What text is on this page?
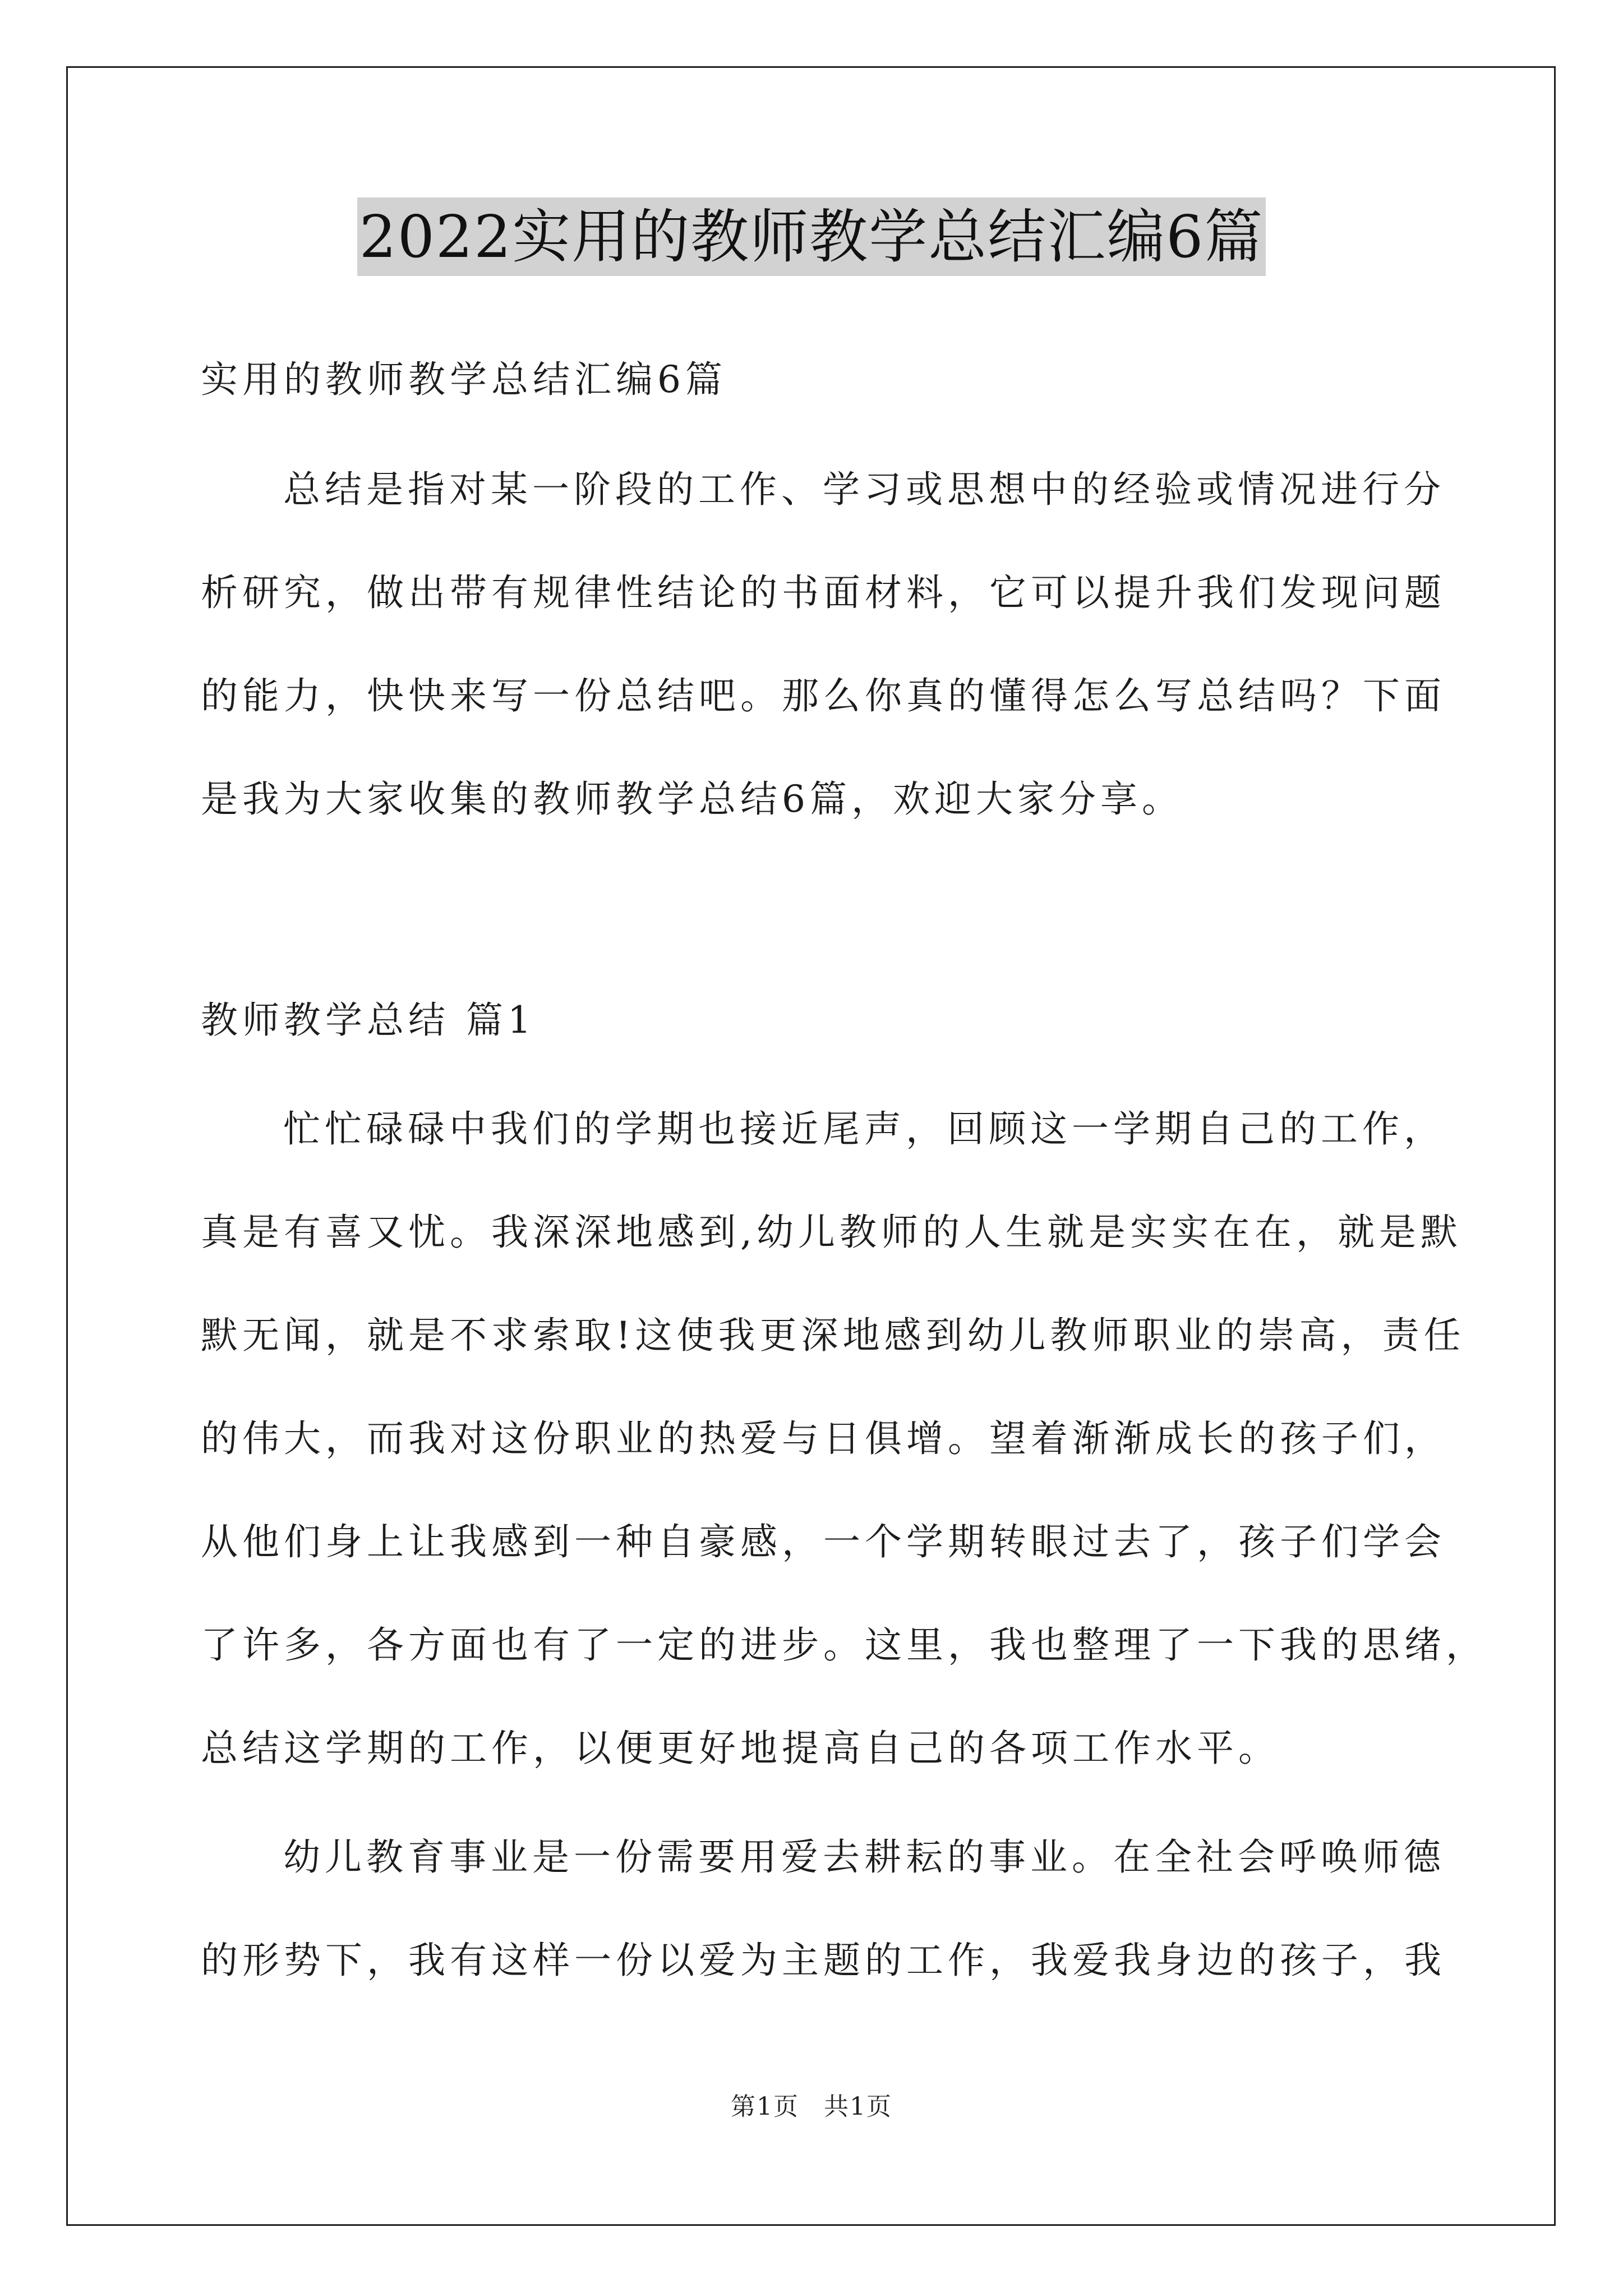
2022实用的教师教学总结汇编6篇
实用的教师教学总结汇编6篇
总结是指对某一阶段的工作、学习或思想中的经验或情况进行分
析研究，做出带有规律性结论的书面材料，它可以提升我们发现问题
的能力，快快来写一份总结吧。那么你真的懂得怎么写总结吗？下面
是我为大家收集的教师教学总结6篇，欢迎大家分享。
教师教学总结 篇1
忙忙碌碌中我们的学期也接近尾声，回顾这一学期自己的工作，
真是有喜又忧。我深深地感到,幼儿教师的人生就是实实在在，就是默
默无闻，就是不求索取!这使我更深地感到幼儿教师职业的崇高，责任
的伟大，而我对这份职业的热爱与日俱增。望着渐渐成长的孩子们，
从他们身上让我感到一种自豪感，一个学期转眼过去了，孩子们学会
了许多，各方面也有了一定的进步。这里，我也整理了一下我的思绪，
总结这学期的工作，以便更好地提高自己的各项工作水平。
幼儿教育事业是一份需要用爱去耕耘的事业。在全社会呼唤师德
的形势下，我有这样一份以爱为主题的工作，我爱我身边的孩子，我
第1页 共1页
